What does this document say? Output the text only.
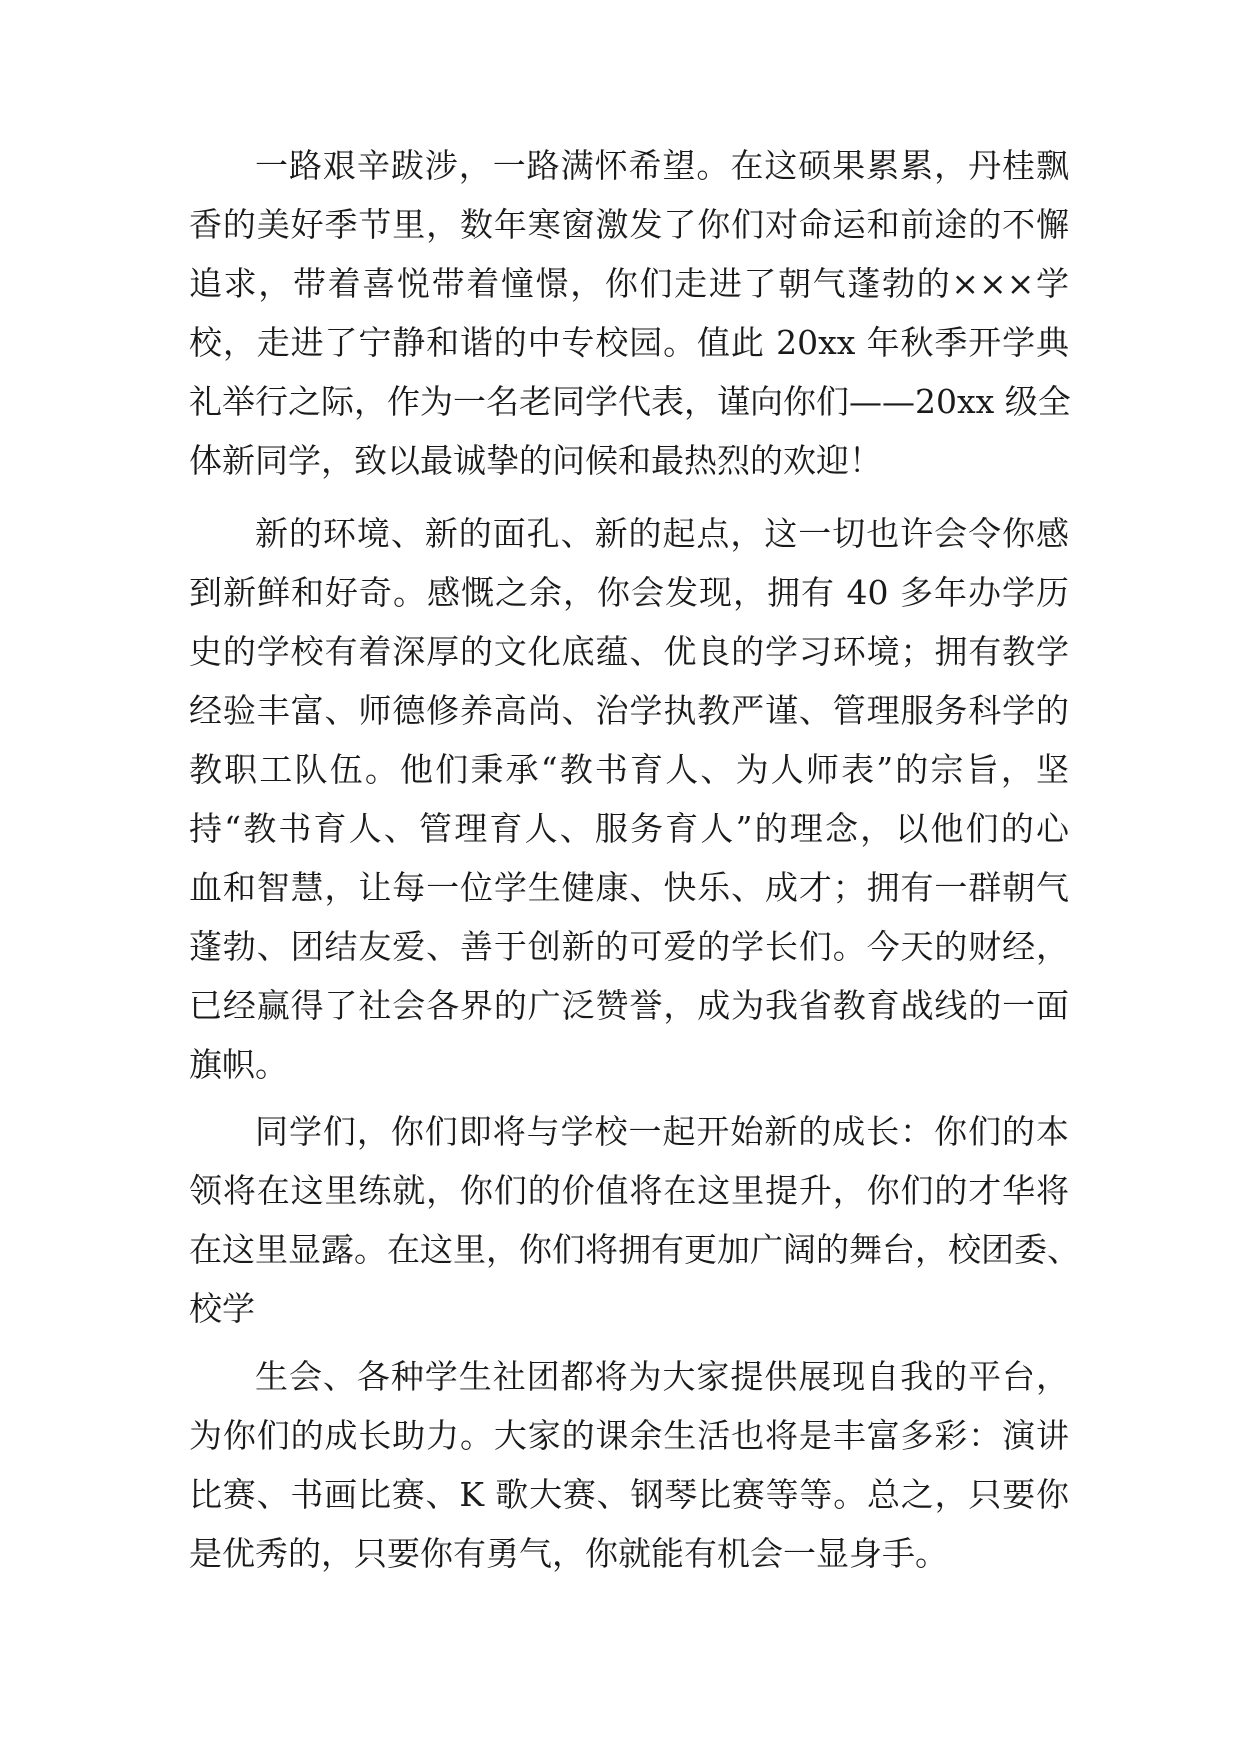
一路艰辛跋涉，一路满怀希望。在这硕果累累，丹桂飘

香的美好季节里，数年寒窗激发了你们对命运和前途的不懈

追求，带着喜悦带着憧憬，你们走进了朝气蓬勃的×××学

校，走进了宁静和谐的中专校园。值此 20xx 年秋季开学典

礼举行之际，作为一名老同学代表，谨向你们——20xx 级全

体新同学，致以最诚挚的问候和最热烈的欢迎！

新的环境、新的面孔、新的起点，这一切也许会令你感

到新鲜和好奇。感慨之余，你会发现，拥有 40 多年办学历

史的学校有着深厚的文化底蕴、优良的学习环境；拥有教学

经验丰富、师德修养高尚、治学执教严谨、管理服务科学的

教职工队伍。他们秉承“教书育人、为人师表”的宗旨，坚

持“教书育人、管理育人、服务育人”的理念，以他们的心

血和智慧，让每一位学生健康、快乐、成才；拥有一群朝气

蓬勃、团结友爱、善于创新的可爱的学长们。今天的财经，

已经赢得了社会各界的广泛赞誉，成为我省教育战线的一面

旗帜。

同学们，你们即将与学校一起开始新的成长：你们的本

领将在这里练就，你们的价值将在这里提升，你们的才华将

在这里显露。在这里，你们将拥有更加广阔的舞台，校团委、

校学

生会、各种学生社团都将为大家提供展现自我的平台，

为你们的成长助力。大家的课余生活也将是丰富多彩：演讲

比赛、书画比赛、K 歌大赛、钢琴比赛等等。总之，只要你

是优秀的，只要你有勇气，你就能有机会一显身手。
